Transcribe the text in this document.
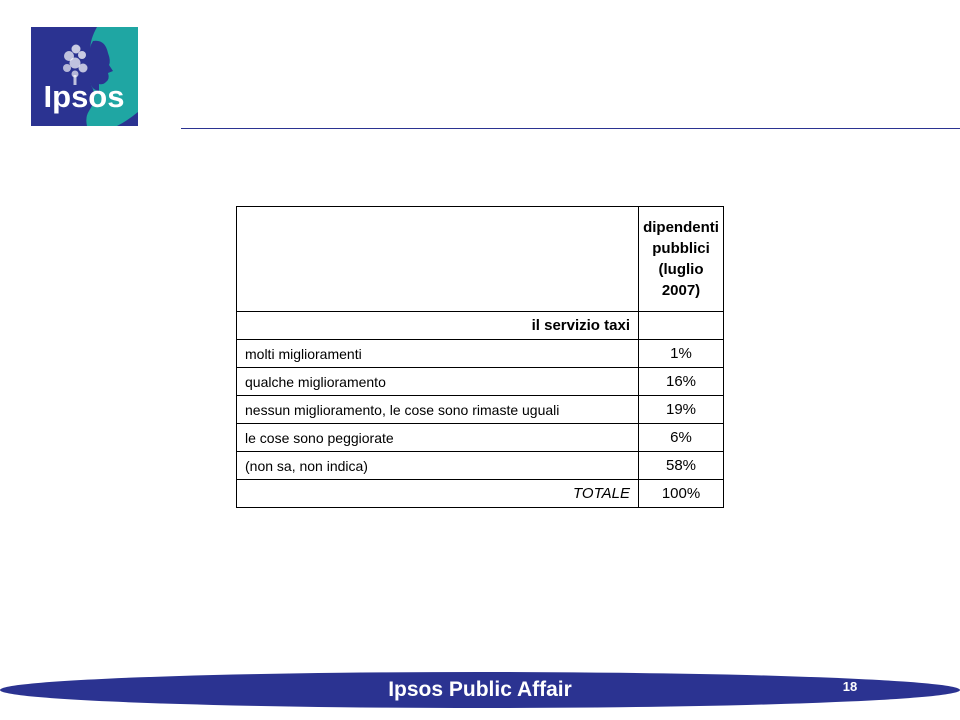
Ipsos
	dipendenti pubblici (luglio 2007)
il servizio taxi	
molti miglioramenti	1%
qualche miglioramento	16%
nessun miglioramento, le cose sono rimaste uguali	19%
le cose sono peggiorate	6%
(non sa, non indica)	58%
TOTALE	100%
Ipsos Public Affair	18
